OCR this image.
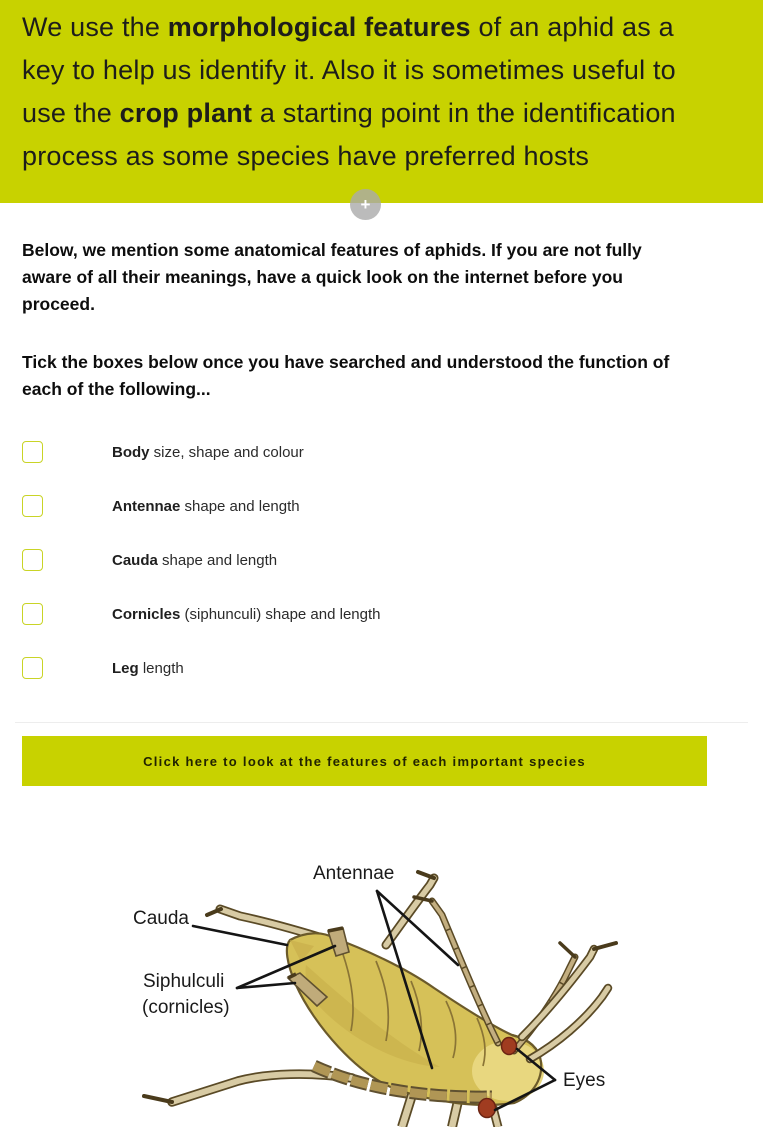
We use the morphological features of an aphid as a key to help us identify it. Also it is sometimes useful to use the crop plant a starting point in the identification process as some species have preferred hosts
+
Below, we mention some anatomical features of aphids. If you are not fully aware of all their meanings, have a quick look on the internet before you proceed.
Tick the boxes below once you have searched and understood the function of each of the following...
Body size, shape and colour
Antennae shape and length
Cauda shape and length
Cornicles (siphunculi) shape and length
Leg length
Click here to look at the features of each important species
Antennae
Cauda
Siphulculi
(cornicles)
Eyes
